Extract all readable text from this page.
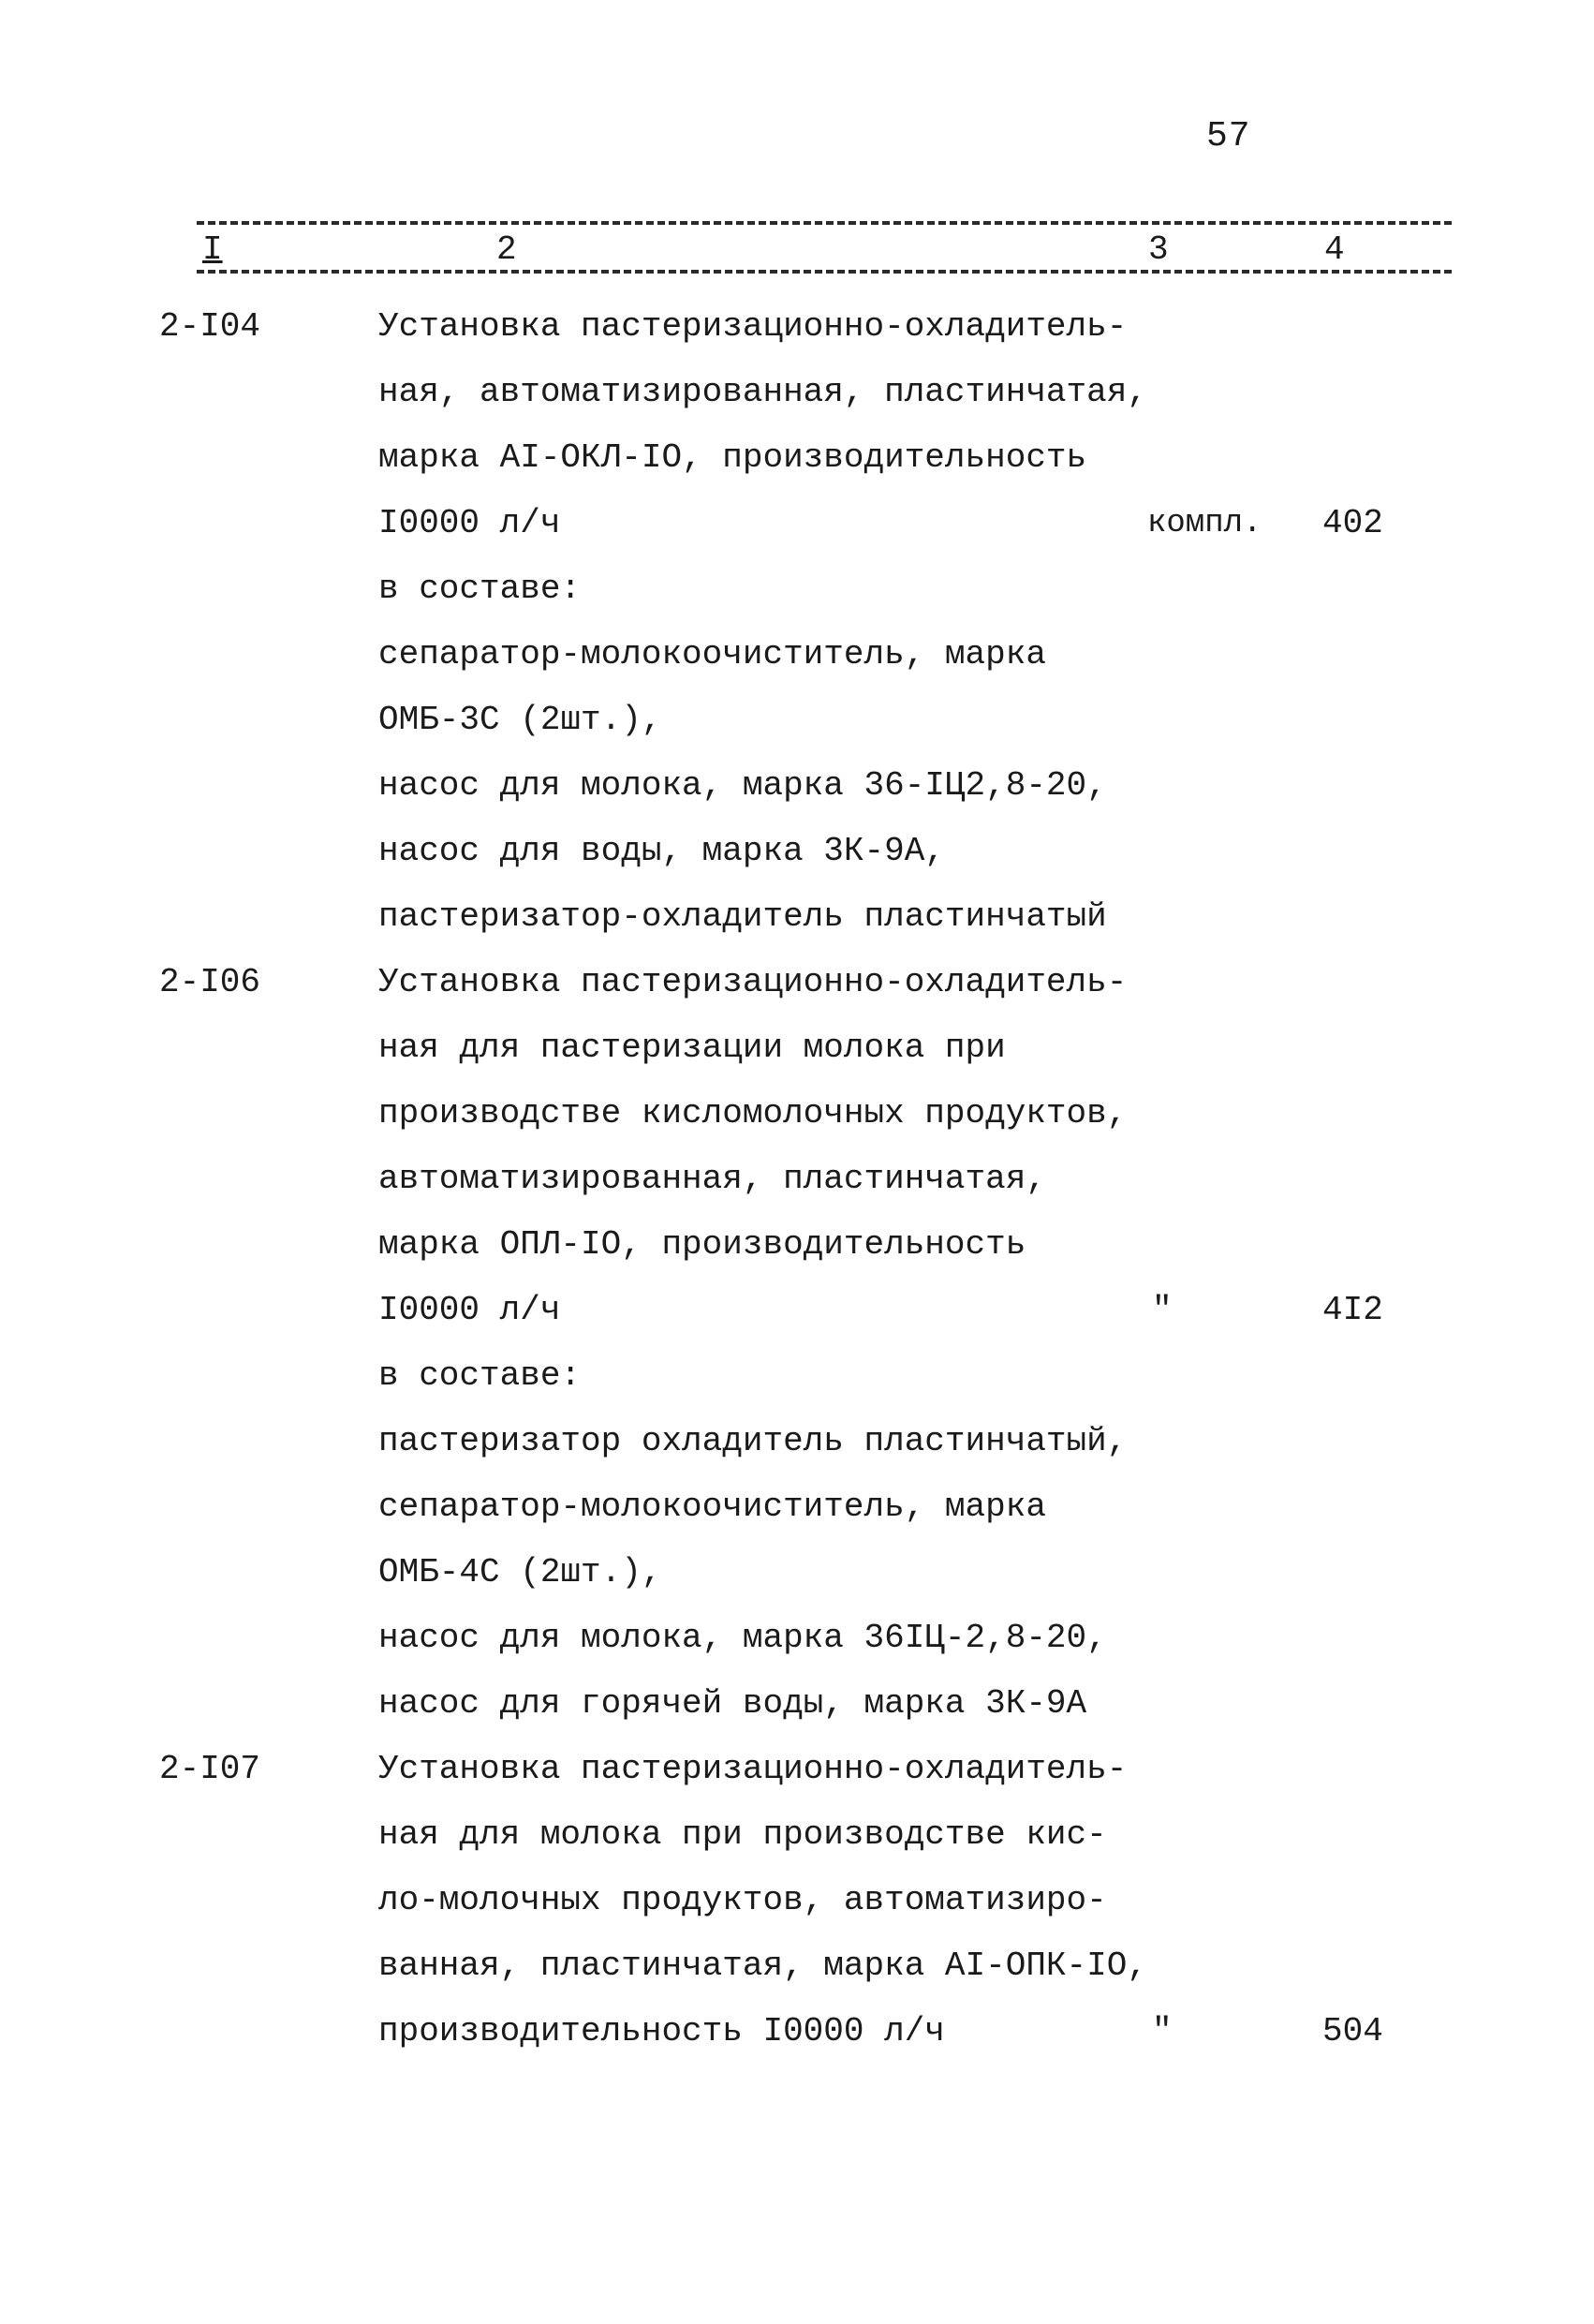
57
I	2	3	4
2-I04	Установка пастеризационно-охладитель-
ная, автоматизированная, пластинчатая,
марка АI-ОКЛ-IО, производительность
I0000 л/ч	компл. 402
в составе:
сепаратор-молокоочиститель, марка
ОМБ-3С (2шт.),
насос для молока, марка 36-IЦ2,8-20,
насос для воды, марка 3К-9А,
пастеризатор-охладитель пластинчатый
2-I06	Установка пастеризационно-охладитель-
ная для пастеризации молока при
производстве кисломолочных продуктов,
автоматизированная, пластинчатая,
марка ОПЛ-IО, производительность
I0000 л/ч	"	4I2
в составе:
пастеризатор охладитель пластинчатый,
сепаратор-молокоочиститель, марка
ОМБ-4С (2шт.),
насос для молока, марка 36IЦ-2,8-20,
насос для горячей воды, марка 3К-9А
2-I07	Установка пастеризационно-охладитель-
ная для молока при производстве кис-
ло-молочных продуктов, автоматизиро-
ванная, пластинчатая, марка АI-ОПК-IО,
производительность I0000 л/ч	"	504
